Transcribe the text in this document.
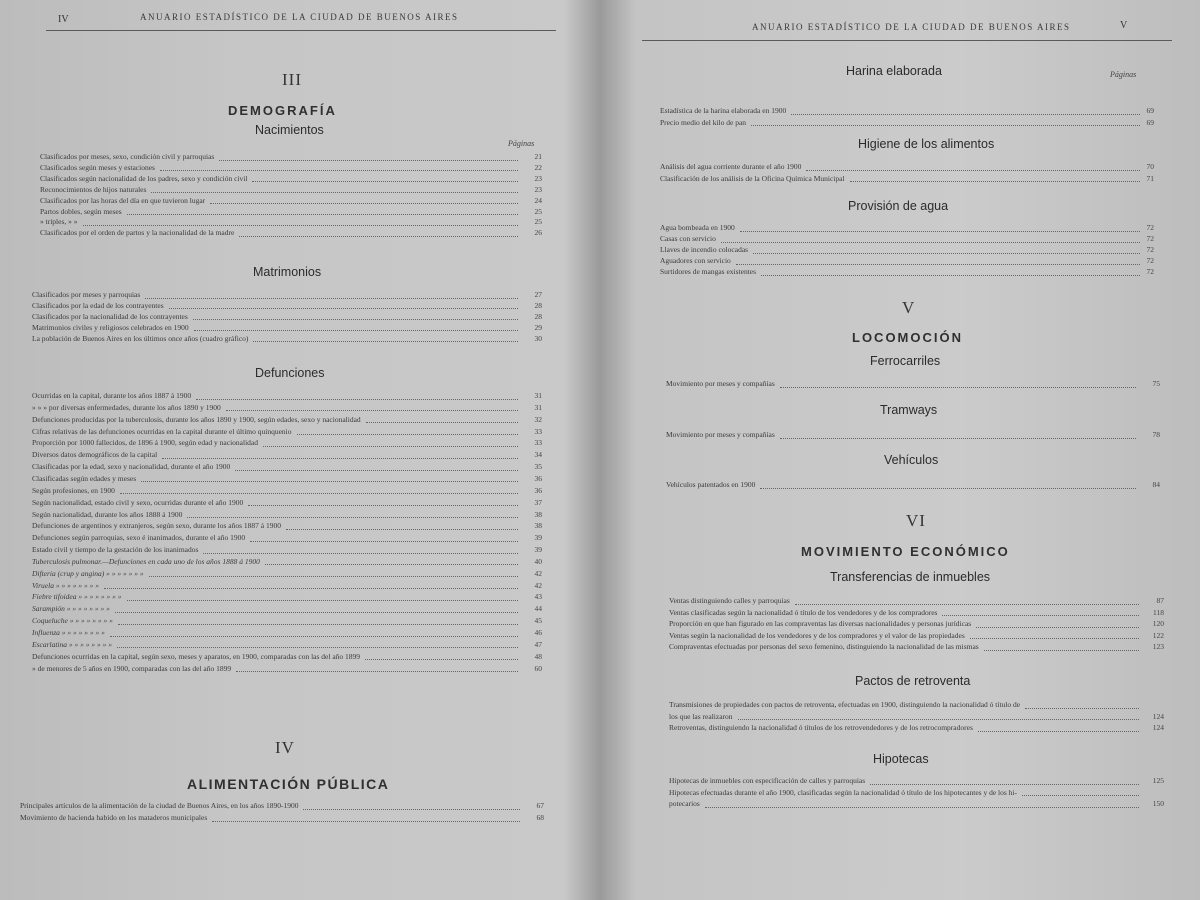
IV	ANUARIO ESTADÍSTICO DE LA CIUDAD DE BUENOS AIRES
III
DEMOGRAFÍA
Páginas
Nacimientos
Clasificados por meses, sexo, condición civil y parroquias	21
Clasificados según meses y estaciones	22
Clasificados según nacionalidad de los padres, sexo y condición civil	23
Reconocimientos de hijos naturales	23
Clasificados por las horas del día en que tuvieron lugar	24
Partos dobles, según meses	25
» triples, » »	25
Clasificados por el orden de partos y la nacionalidad de la madre	26
Matrimonios
Clasificados por meses y parroquias	27
Clasificados por la edad de los contrayentes	28
Clasificados por la nacionalidad de los contrayentes	28
Matrimonios civiles y religiosos celebrados en 1900	29
La población de Buenos Aires en los últimos once años (cuadro gráfico)	30
Defunciones
Ocurridas en la capital, durante los años 1887 á 1900	31
» » » por diversas enfermedades, durante los años 1890 y 1900	31
Defunciones producidas por la tuberculosis, durante los años 1890 y 1900, según edades, sexo y nacionalidad	32
Cifras relativas de las defunciones ocurridas en la capital durante el último quinquenio	33
Proporción por 1000 fallecidos, de 1896 á 1900, según edad y nacionalidad	33
Diversos datos demográficos de la capital	34
Clasificadas por la edad, sexo y nacionalidad, durante el año 1900	35
Clasificadas según edades y meses	36
Según profesiones, en 1900	36
Según nacionalidad, estado civil y sexo, ocurridas durante el año 1900	37
Según nacionalidad, durante los años 1888 á 1900	38
Defunciones de argentinos y extranjeros, según sexo, durante los años 1887 á 1900	38
Defunciones según parroquias, sexo é inanimados, durante el año 1900	39
Estado civil y tiempo de la gestación de los inanimados	39
Tuberculosis pulmonar.—Defunciones en cada uno de los años 1888 á 1900	40
Difteria (crup y angina) » » » » » » »	42
Viruela » » » » » » » »	42
Fiebre tifoidea » » » » » » » »	43
Sarampión » » » » » » » »	44
Coqueluche » » » » » » » »	45
Influenza » » » » » » » »	46
Escarlatina » » » » » » » »	47
Defunciones ocurridas en la capital, según sexo, meses y aparatos, en 1900, comparadas con las del año 1899	48
» de menores de 5 años en 1900, comparadas con las del año 1899	60
IV
ALIMENTACIÓN PÚBLICA
Principales artículos de la alimentación de la ciudad de Buenos Aires, en los años 1890-1900	67
Movimiento de hacienda habido en los mataderos municipales	68
ANUARIO ESTADÍSTICO DE LA CIUDAD DE BUENOS AIRES	V
Páginas
Harina elaborada
Estadística de la harina elaborada en 1900	69
Precio medio del kilo de pan	69
Higiene de los alimentos
Análisis del agua corriente durante el año 1900	70
Clasificación de los análisis de la Oficina Química Municipal	71
Provisión de agua
Agua bombeada en 1900	72
Casas con servicio	72
Llaves de incendio colocadas	72
Aguadores con servicio	72
Surtidores de mangas existentes	72
V
LOCOMOCIÓN
Ferrocarriles
Movimiento por meses y compañías	75
Tramways
Movimiento por meses y compañías	78
Vehículos
Vehículos patentados en 1900	84
VI
MOVIMIENTO ECONÓMICO
Transferencias de inmuebles
Ventas distinguiendo calles y parroquias	87
Ventas clasificadas según la nacionalidad ó título de los vendedores y de los compradores	118
Proporción en que han figurado en las compraventas las diversas nacionalidades y personas jurídicas	120
Ventas según la nacionalidad de los vendedores y de los compradores y el valor de las propiedades	122
Compraventas efectuadas por personas del sexo femenino, distinguiendo la nacionalidad de las mismas	123
Pactos de retroventa
Transmisiones de propiedades con pactos de retroventa, efectuadas en 1900, distinguiendo la nacionalidad ó título de
los que las realizaron	124
Retroventas, distinguiendo la nacionalidad ó títulos de los retrovendedores y de los retrocompradores	124
Hipotecas
Hipotecas de inmuebles con especificación de calles y parroquias	125
Hipotecas efectuadas durante el año 1900, clasificadas según la nacionalidad ó título de los hipotecantes y de los hi-
potecarios	150
